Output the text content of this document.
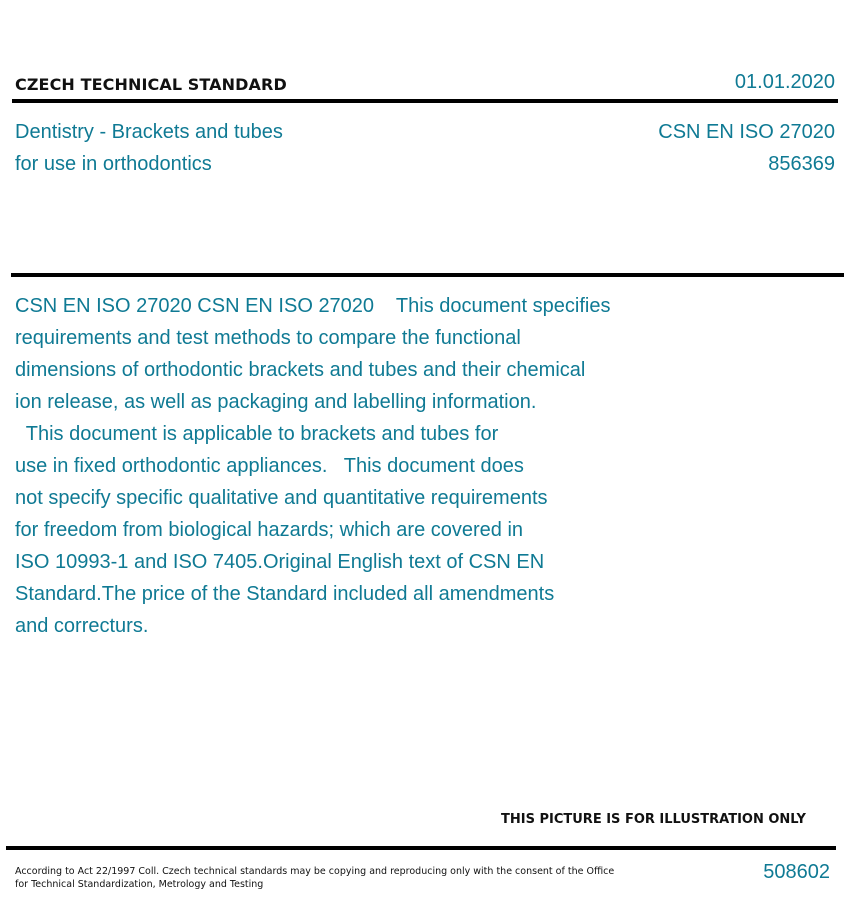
CZECH TECHNICAL STANDARD	01.01.2020
Dentistry - Brackets and tubes
for use in orthodontics
CSN EN ISO 27020
856369
CSN EN ISO 27020 CSN EN ISO 27020    This document specifies
requirements and test methods to compare the functional
dimensions of orthodontic brackets and tubes and their chemical
ion release, as well as packaging and labelling information.
This document is applicable to brackets and tubes for
use in fixed orthodontic appliances.   This document does
not specify specific qualitative and quantitative requirements
for freedom from biological hazards; which are covered in
ISO 10993-1 and ISO 7405.Original English text of CSN EN
Standard.The price of the Standard included all amendments
and correcturs.
THIS PICTURE IS FOR ILLUSTRATION ONLY
According to Act 22/1997 Coll. Czech technical standards may be copying and reproducing only with the consent of the Office
for Technical Standardization, Metrology and Testing
508602
